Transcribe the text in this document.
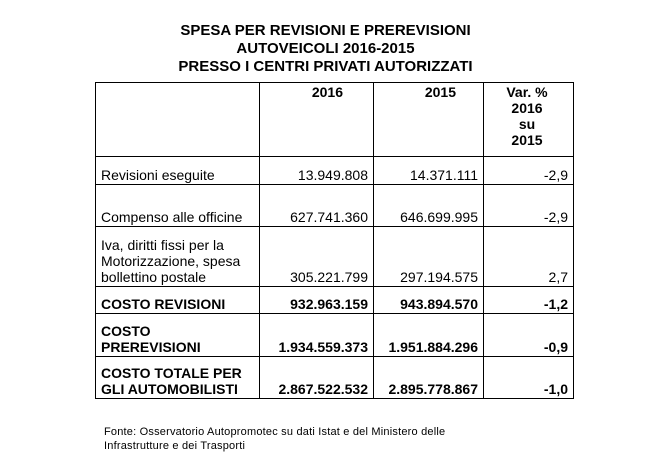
SPESA PER REVISIONI E PREREVISIONI
AUTOVEICOLI 2016-2015
PRESSO I CENTRI PRIVATI AUTORIZZATI
	2016	2015	Var. %
2016
su
2015

Revisioni eseguite	13.949.808	14.371.111	-2,9

Compenso alle officine	627.741.360	646.699.995	-2,9

Iva, diritti fissi per la
Motorizzazione, spesa
bollettino postale	305.221.799	297.194.575	2,7

COSTO REVISIONI	932.963.159	943.894.570	-1,2

COSTO
PREREVISIONI	1.934.559.373	1.951.884.296	-0,9

COSTO TOTALE PER
GLI AUTOMOBILISTI	2.867.522.532	2.895.778.867	-1,0
Fonte: Osservatorio Autopromotec su dati Istat e del Ministero delle
Infrastrutture e dei Trasporti
